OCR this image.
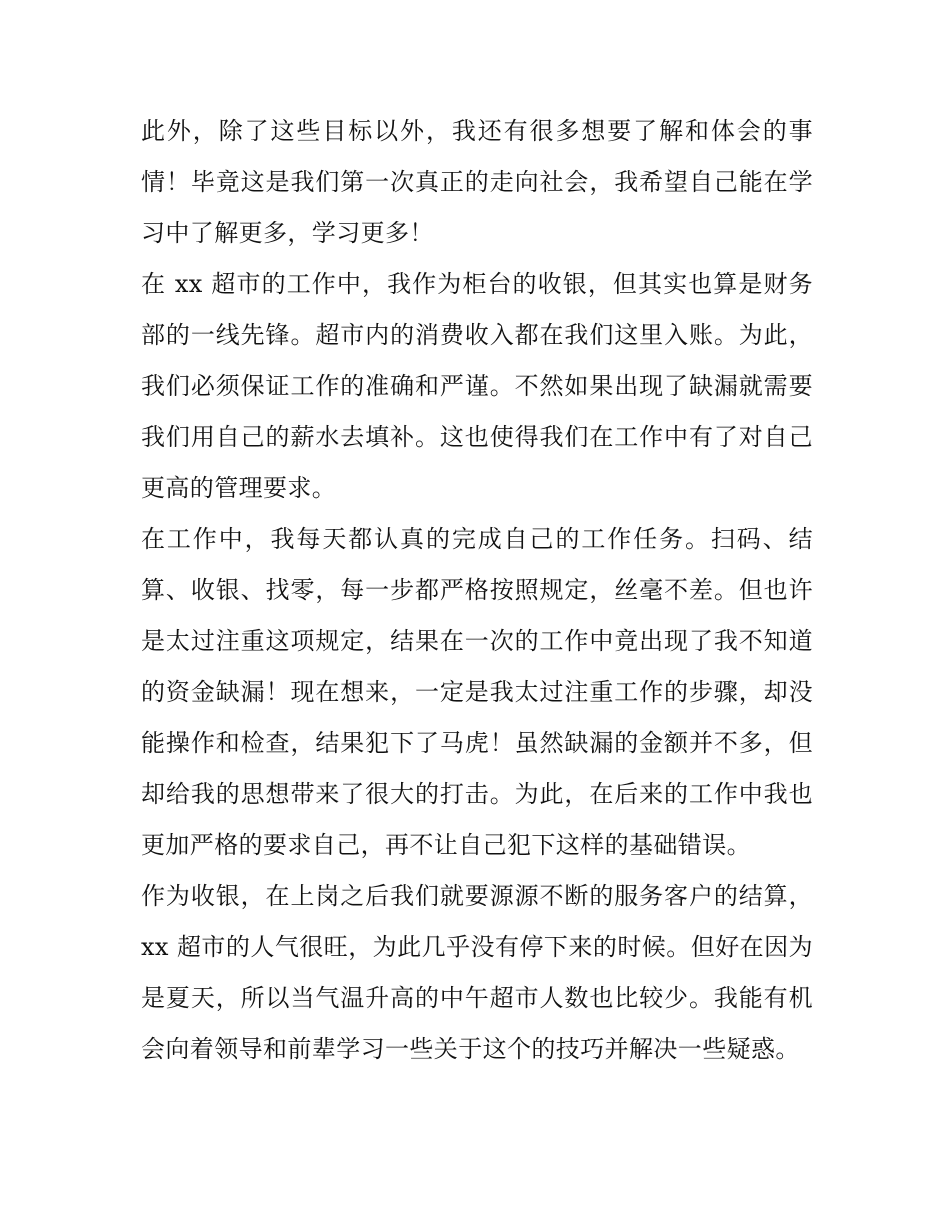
此外，除了这些目标以外，我还有很多想要了解和体会的事情！毕竟这是我们第一次真正的走向社会，我希望自己能在学习中了解更多，学习更多！

在 xx 超市的工作中，我作为柜台的收银，但其实也算是财务部的一线先锋。超市内的消费收入都在我们这里入账。为此，我们必须保证工作的准确和严谨。不然如果出现了缺漏就需要我们用自己的薪水去填补。这也使得我们在工作中有了对自己更高的管理要求。

在工作中，我每天都认真的完成自己的工作任务。扫码、结算、收银、找零，每一步都严格按照规定，丝毫不差。但也许是太过注重这项规定，结果在一次的工作中竟出现了我不知道的资金缺漏！现在想来，一定是我太过注重工作的步骤，却没能操作和检查，结果犯下了马虎！虽然缺漏的金额并不多，但却给我的思想带来了很大的打击。为此，在后来的工作中我也更加严格的要求自己，再不让自己犯下这样的基础错误。

作为收银，在上岗之后我们就要源源不断的服务客户的结算，xx 超市的人气很旺，为此几乎没有停下来的时候。但好在因为是夏天，所以当气温升高的中午超市人数也比较少。我能有机会向着领导和前辈学习一些关于这个的技巧并解决一些疑惑。
